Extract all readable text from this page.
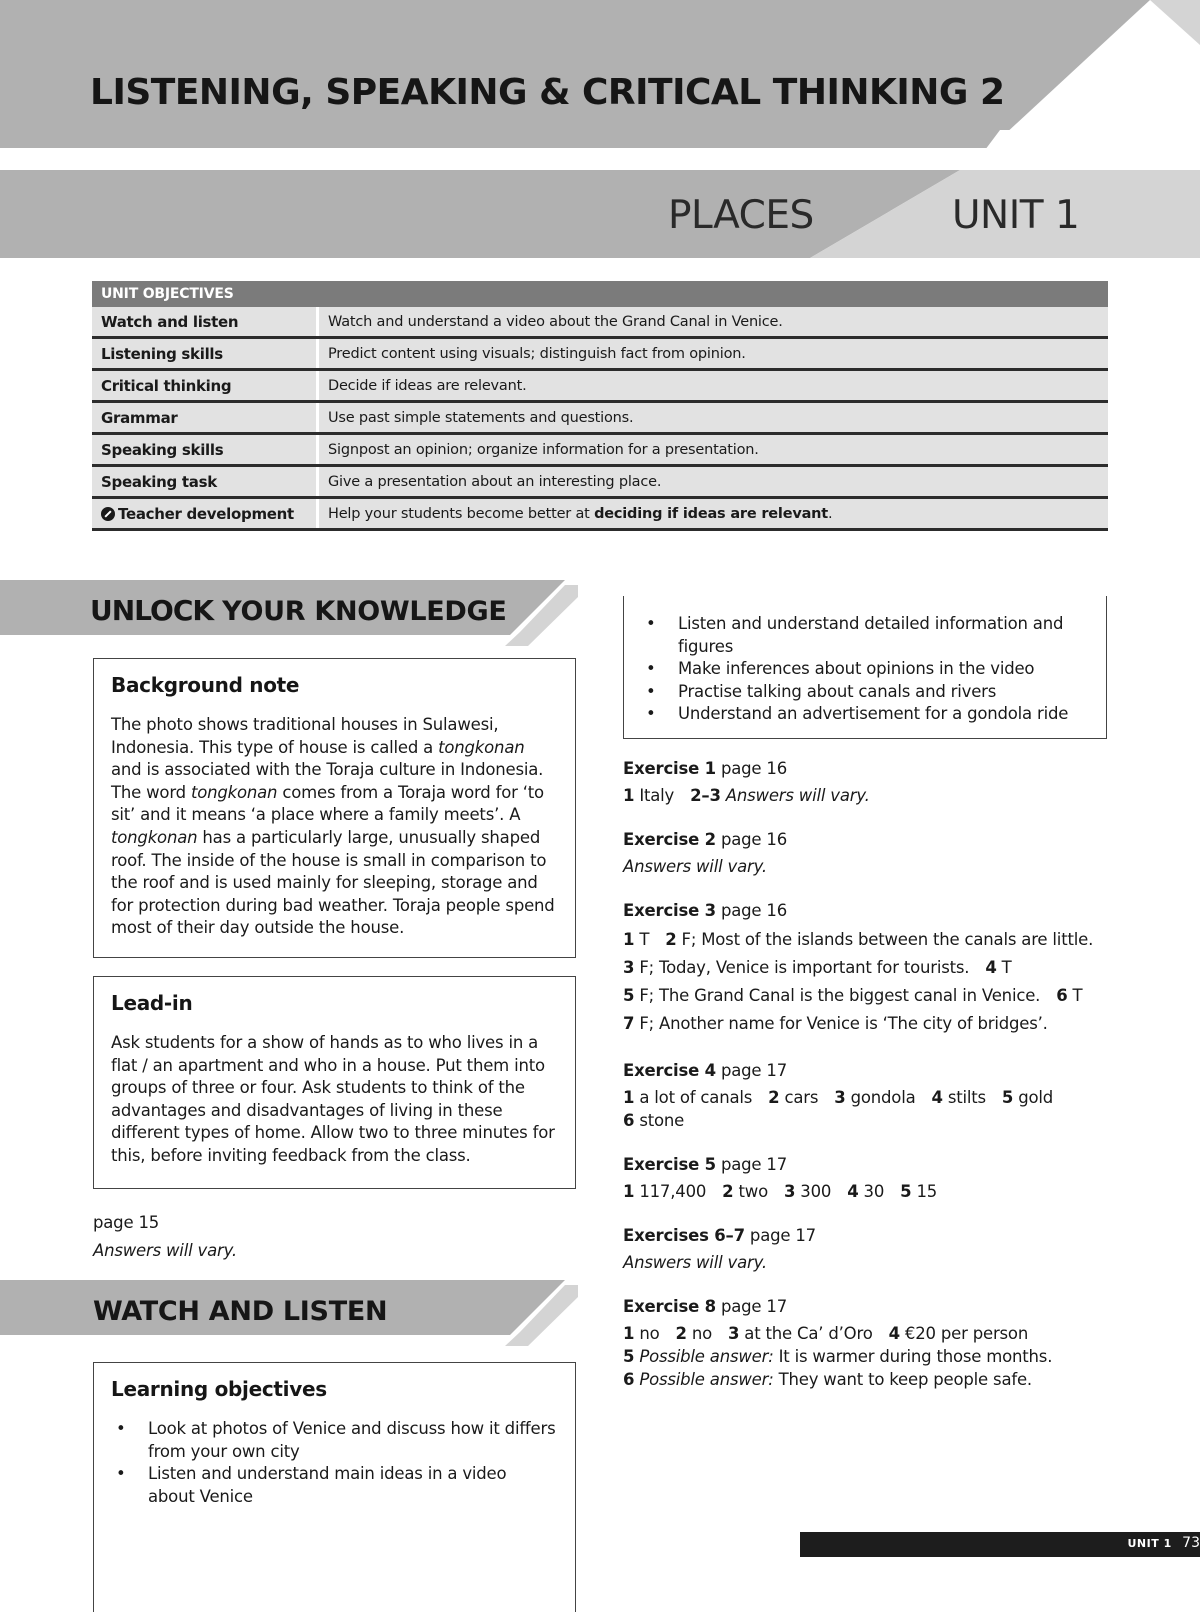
LISTENING, SPEAKING & CRITICAL THINKING 2
PLACES	UNIT 1
UNIT OBJECTIVES	
Watch and listen	Watch and understand a video about the Grand Canal in Venice.
Listening skills	Predict content using visuals; distinguish fact from opinion.
Critical thinking	Decide if ideas are relevant.
Grammar	Use past simple statements and questions.
Speaking skills	Signpost an opinion; organize information for a presentation.
Speaking task	Give a presentation about an interesting place.
Teacher development	Help your students become better at deciding if ideas are relevant.
UNLOCK YOUR KNOWLEDGE
Background note

The photo shows traditional houses in Sulawesi, Indonesia. This type of house is called a tongkonan and is associated with the Toraja culture in Indonesia. The word tongkonan comes from a Toraja word for ‘to sit’ and it means ‘a place where a family meets’. A tongkonan has a particularly large, unusually shaped roof. The inside of the house is small in comparison to the roof and is used mainly for sleeping, storage and for protection during bad weather. Toraja people spend most of their day outside the house.

Lead-in

Ask students for a show of hands as to who lives in a flat / an apartment and who in a house. Put them into groups of three or four. Ask students to think of the advantages and disadvantages of living in these different types of home. Allow two to three minutes for this, before inviting feedback from the class.

page 15
Answers will vary.
WATCH AND LISTEN
Learning objectives
• Look at photos of Venice and discuss how it differs from your own city
• Listen and understand main ideas in a video about Venice
• Listen and understand detailed information and figures
• Make inferences about opinions in the video
• Practise talking about canals and rivers
• Understand an advertisement for a gondola ride
Exercise 1 page 16
1 Italy 2–3 Answers will vary.
Exercise 2 page 16
Answers will vary.
Exercise 3 page 16
1 T 2 F; Most of the islands between the canals are little.
3 F; Today, Venice is important for tourists. 4 T
5 F; The Grand Canal is the biggest canal in Venice. 6 T
7 F; Another name for Venice is ‘The city of bridges’.
Exercise 4 page 17
1 a lot of canals 2 cars 3 gondola 4 stilts 5 gold
6 stone
Exercise 5 page 17
1 117,400 2 two 3 300 4 30 5 15
Exercises 6–7 page 17
Answers will vary.
Exercise 8 page 17
1 no 2 no 3 at the Ca’ d’Oro 4 €20 per person
5 Possible answer: It is warmer during those months.
6 Possible answer: They want to keep people safe.
UNIT 1 73
